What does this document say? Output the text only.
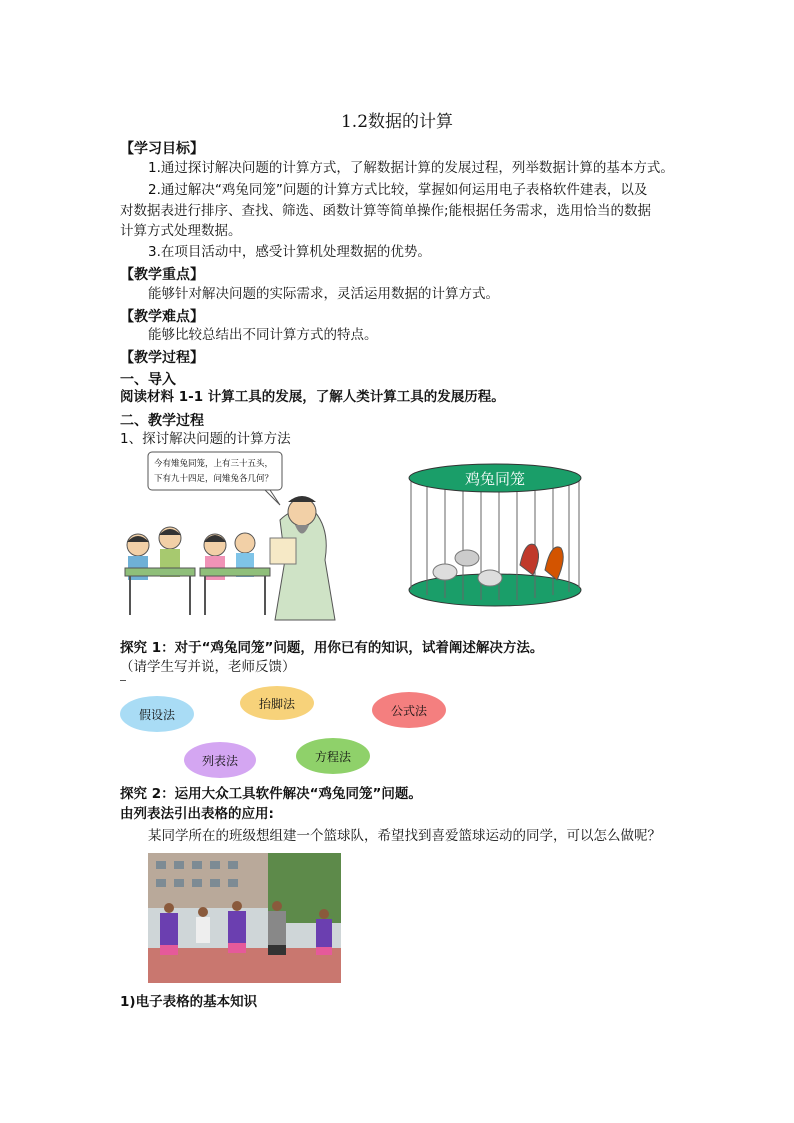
1.2数据的计算
【学习目标】
1.通过探讨解决问题的计算方式，了解数据计算的发展过程，列举数据计算的基本方式。
2.通过解决“鸡兔同笼”问题的计算方式比较，掌握如何运用电子表格软件建表，以及
对数据表进行排序、查找、筛选、函数计算等简单操作;能根据任务需求，选用恰当的数据
计算方式处理数据。
3.在项目活动中，感受计算机处理数据的优势。
【教学重点】
能够针对解决问题的实际需求，灵活运用数据的计算方式。
【教学难点】
能够比较总结出不同计算方式的特点。
【教学过程】
一、导入
阅读材料 1-1 计算工具的发展，了解人类计算工具的发展历程。
二、教学过程
1、探讨解决问题的计算方法
今有雉兔同笼，上有三十五头，
下有九十四足，问雉兔各几何？	鸡兔同笼
探究 1：对于“鸡兔同笼”问题，用你已有的知识，试着阐述解决方法。
（请学生写并说，老师反馈）
假设法
抬脚法	公式法
列表法	方程法
探究 2：运用大众工具软件解决“鸡兔同笼”问题。
由列表法引出表格的应用:
某同学所在的班级想组建一个篮球队，希望找到喜爱篮球运动的同学，可以怎么做呢？
1)电子表格的基本知识
